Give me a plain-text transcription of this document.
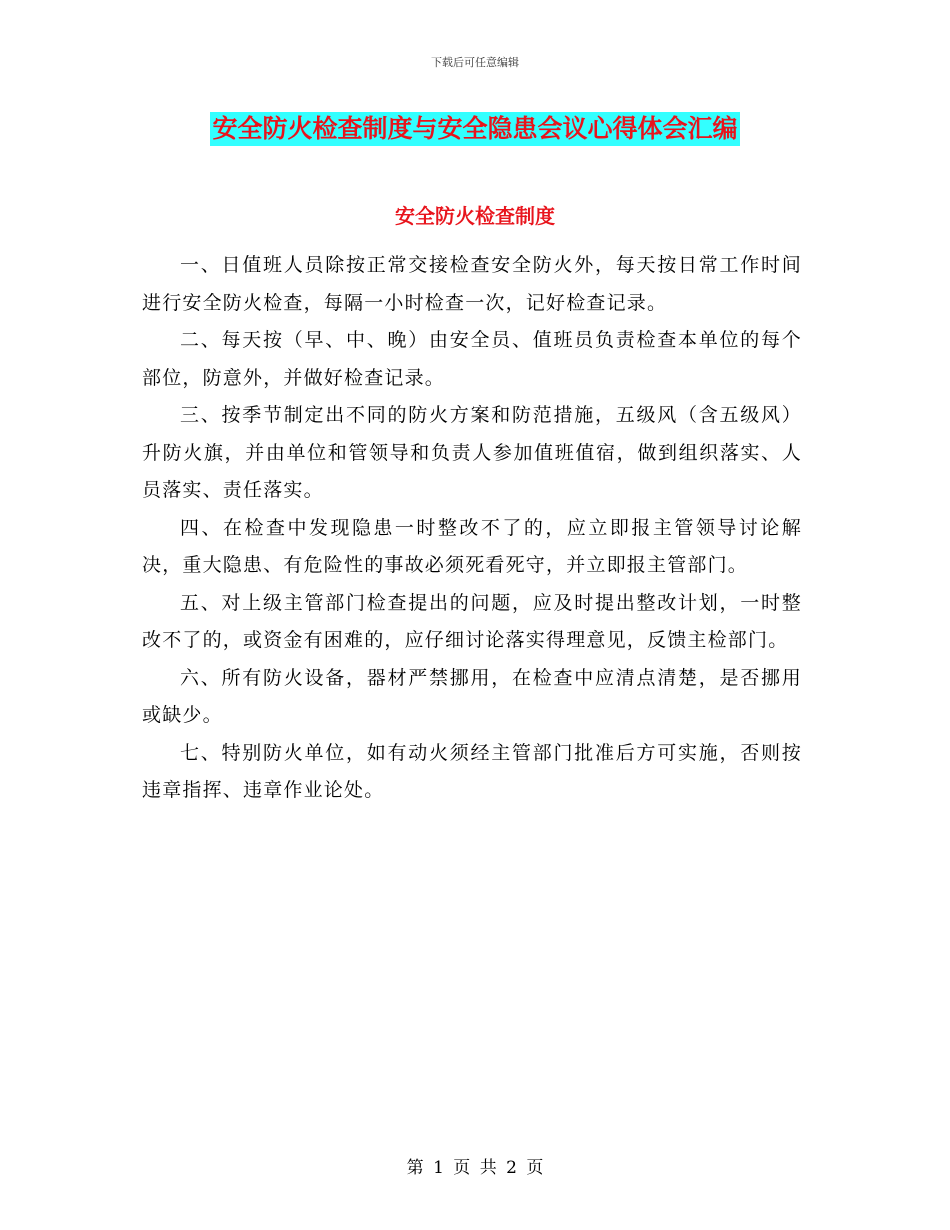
下载后可任意编辑
安全防火检查制度与安全隐患会议心得体会汇编
安全防火检查制度

一、日值班人员除按正常交接检查安全防火外，每天按日常工作时间进行安全防火检查，每隔一小时检查一次，记好检查记录。

二、每天按（早、中、晚）由安全员、值班员负责检查本单位的每个部位，防意外，并做好检查记录。

三、按季节制定出不同的防火方案和防范措施，五级风（含五级风）升防火旗，并由单位和管领导和负责人参加值班值宿，做到组织落实、人员落实、责任落实。

四、在检查中发现隐患一时整改不了的，应立即报主管领导讨论解决，重大隐患、有危险性的事故必须死看死守，并立即报主管部门。

五、对上级主管部门检查提出的问题，应及时提出整改计划，一时整改不了的，或资金有困难的，应仔细讨论落实得理意见，反馈主检部门。

六、所有防火设备，器材严禁挪用，在检查中应清点清楚，是否挪用或缺少。

七、特别防火单位，如有动火须经主管部门批准后方可实施，否则按违章指挥、违章作业论处。

第 1 页 共 2 页
